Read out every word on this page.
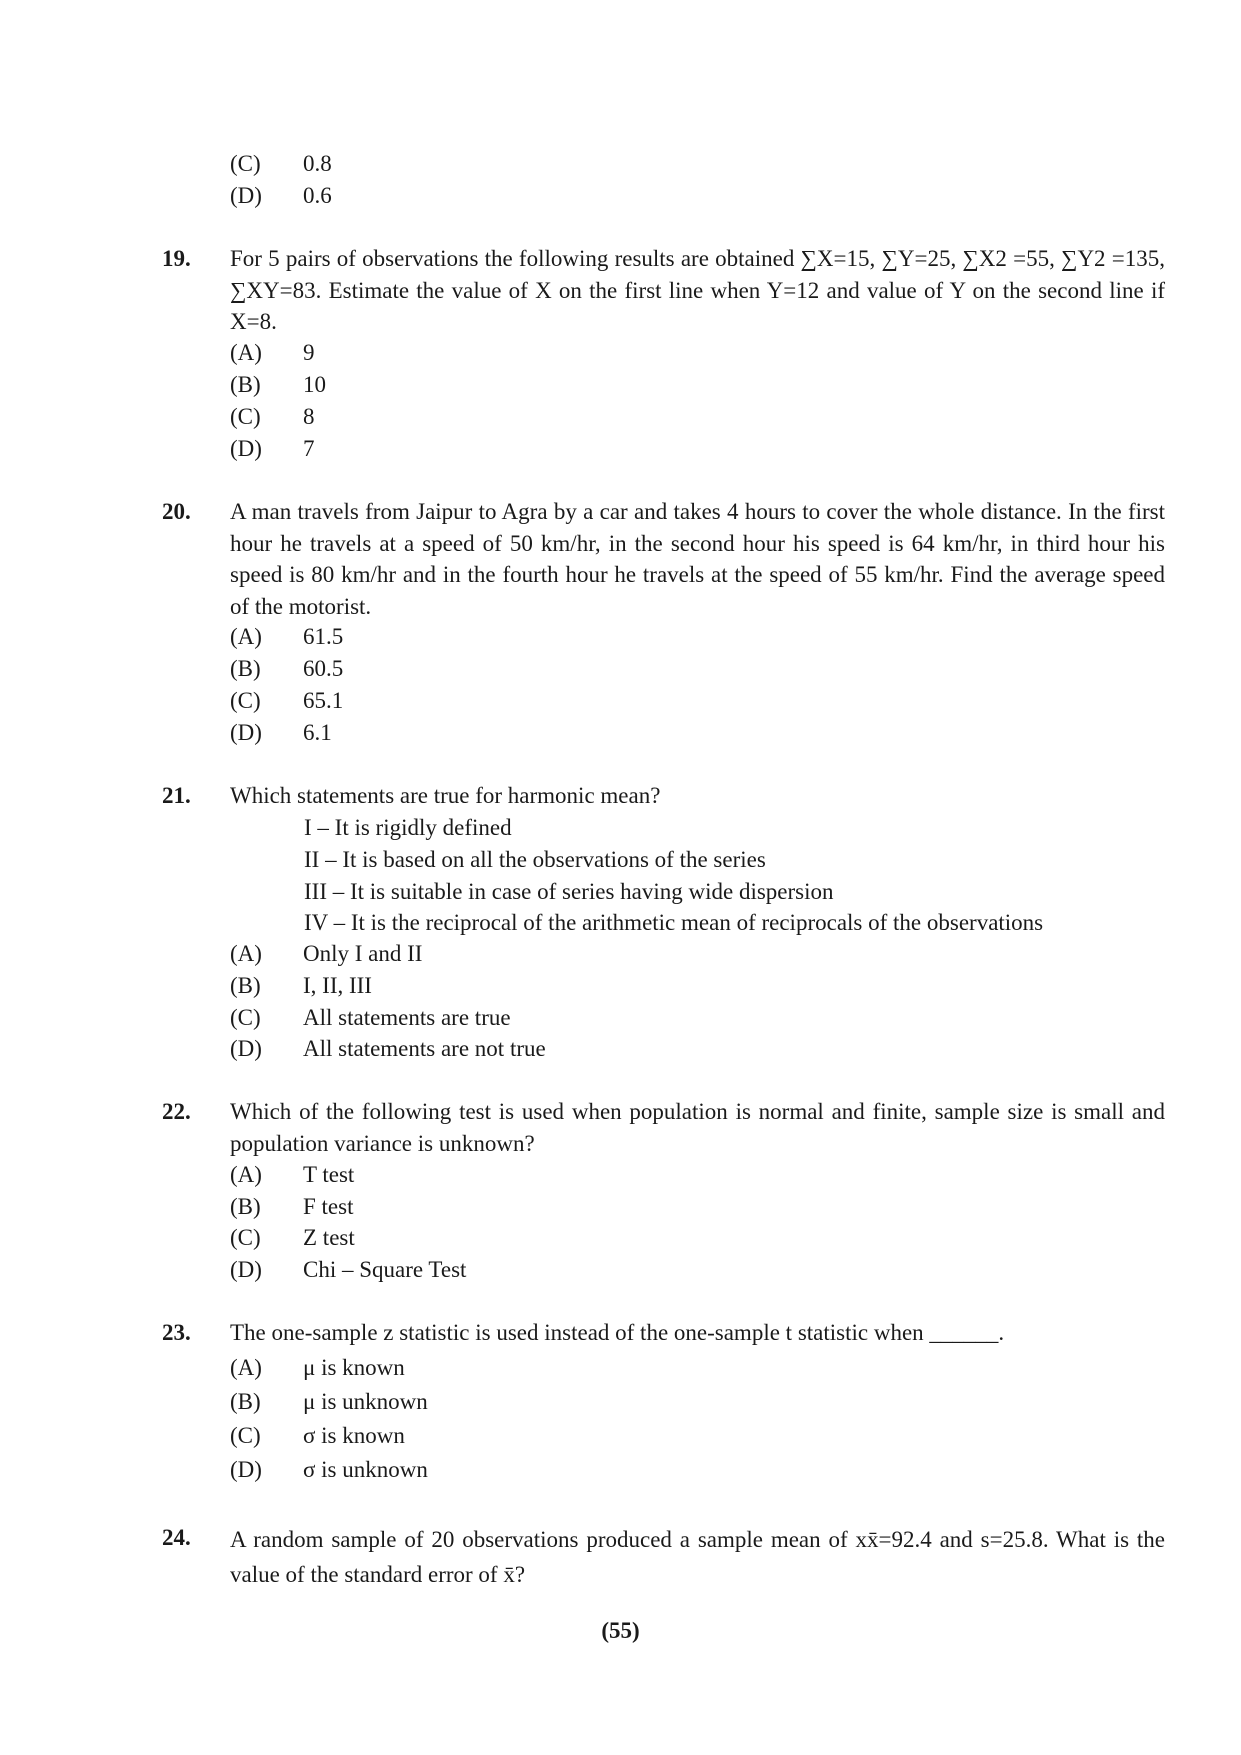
(C) 0.8
(D) 0.6
19. For 5 pairs of observations the following results are obtained ∑X=15, ∑Y=25, ∑X2 =55, ∑Y2 =135, ∑XY=83. Estimate the value of X on the first line when Y=12 and value of Y on the second line if X=8.
(A) 9
(B) 10
(C) 8
(D) 7
20. A man travels from Jaipur to Agra by a car and takes 4 hours to cover the whole distance. In the first hour he travels at a speed of 50 km/hr, in the second hour his speed is 64 km/hr, in third hour his speed is 80 km/hr and in the fourth hour he travels at the speed of 55 km/hr. Find the average speed of the motorist.
(A) 61.5
(B) 60.5
(C) 65.1
(D) 6.1
21. Which statements are true for harmonic mean?
I – It is rigidly defined
II – It is based on all the observations of the series
III – It is suitable in case of series having wide dispersion
IV – It is the reciprocal of the arithmetic mean of reciprocals of the observations
(A) Only I and II
(B) I, II, III
(C) All statements are true
(D) All statements are not true
22. Which of the following test is used when population is normal and finite, sample size is small and population variance is unknown?
(A) T test
(B) F test
(C) Z test
(D) Chi – Square Test
23. The one-sample z statistic is used instead of the one-sample t statistic when ______.
(A) μ is known
(B) μ is unknown
(C) σ is known
(D) σ is unknown
24. A random sample of 20 observations produced a sample mean of xx̄=92.4 and s=25.8. What is the value of the standard error of x̄?
(55)
